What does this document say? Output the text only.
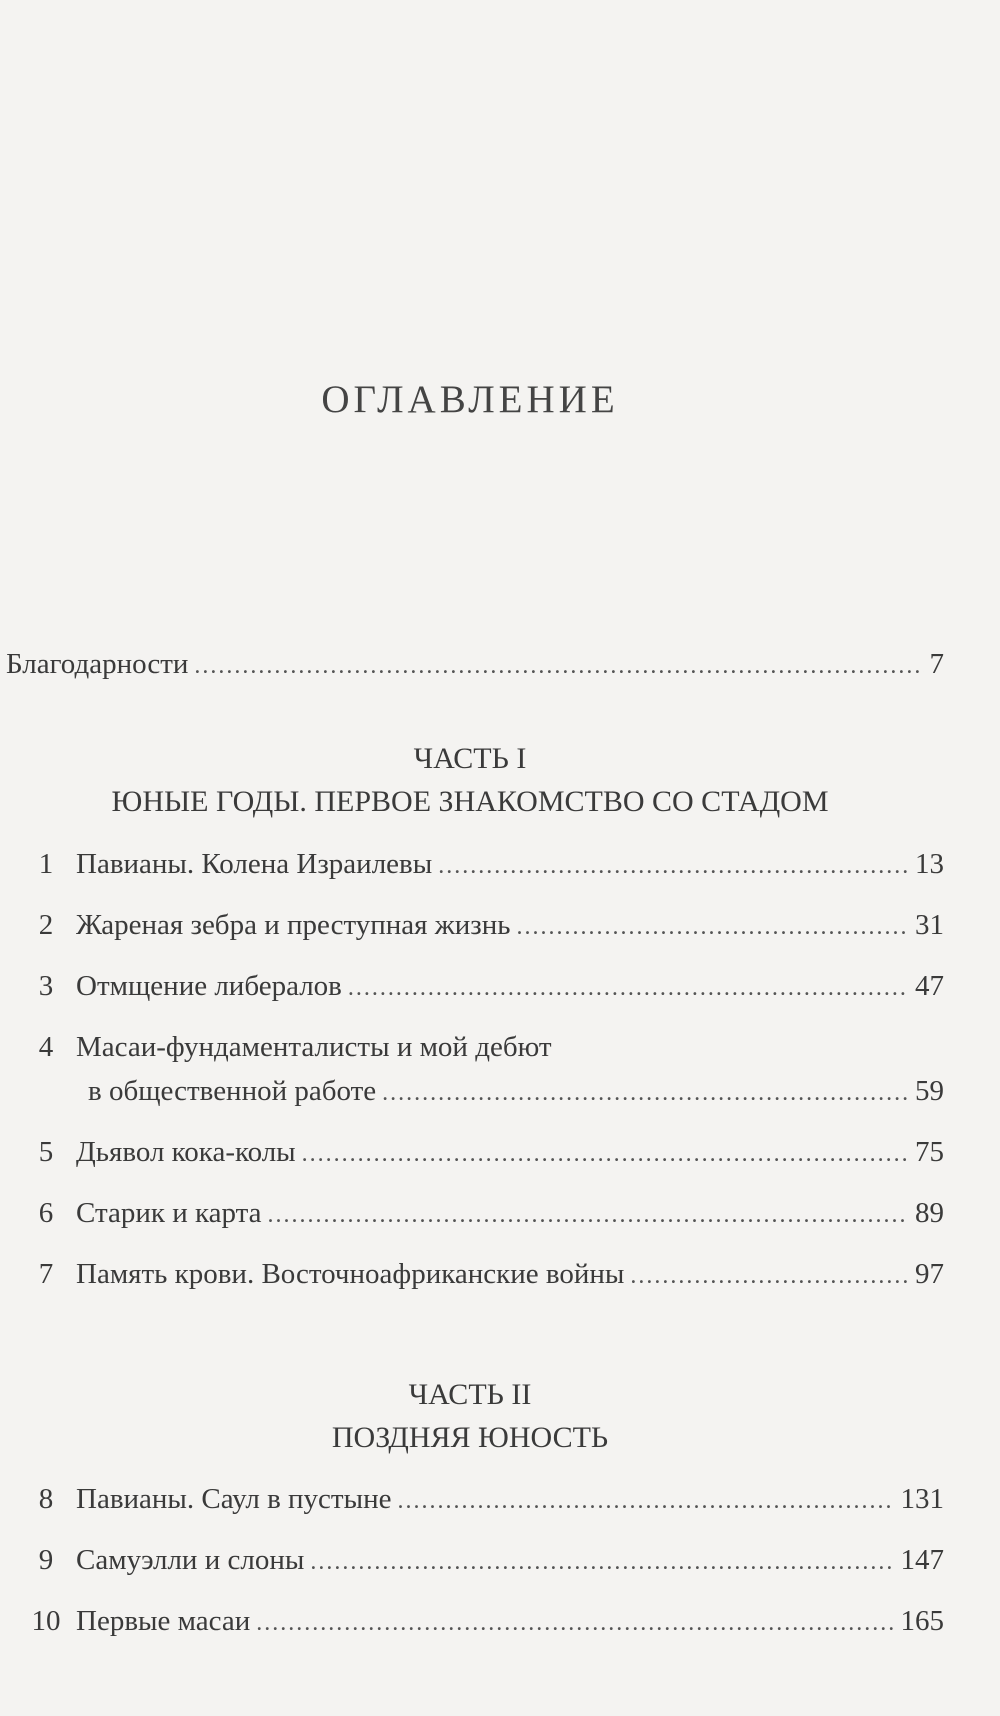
ОГЛАВЛЕНИЕ
Благодарности .....	7
ЧАСТЬ I
ЮНЫЕ ГОДЫ. ПЕРВОЕ ЗНАКОМСТВО СО СТАДОМ
1 Павианы. Колена Израилевы .....	13
2 Жареная зебра и преступная жизнь .....	31
3 Отмщение либералов .....	47
4 Масаи-фундаменталисты и мой дебют
в общественной работе .....	59
5 Дьявол кока-колы .....	75
6 Старик и карта .....	89
7 Память крови. Восточноафриканские войны .....	97
ЧАСТЬ II
ПОЗДНЯЯ ЮНОСТЬ
8 Павианы. Саул в пустыне .....	131
9 Самуэлли и слоны .....	147
10 Первые масаи .....	165
